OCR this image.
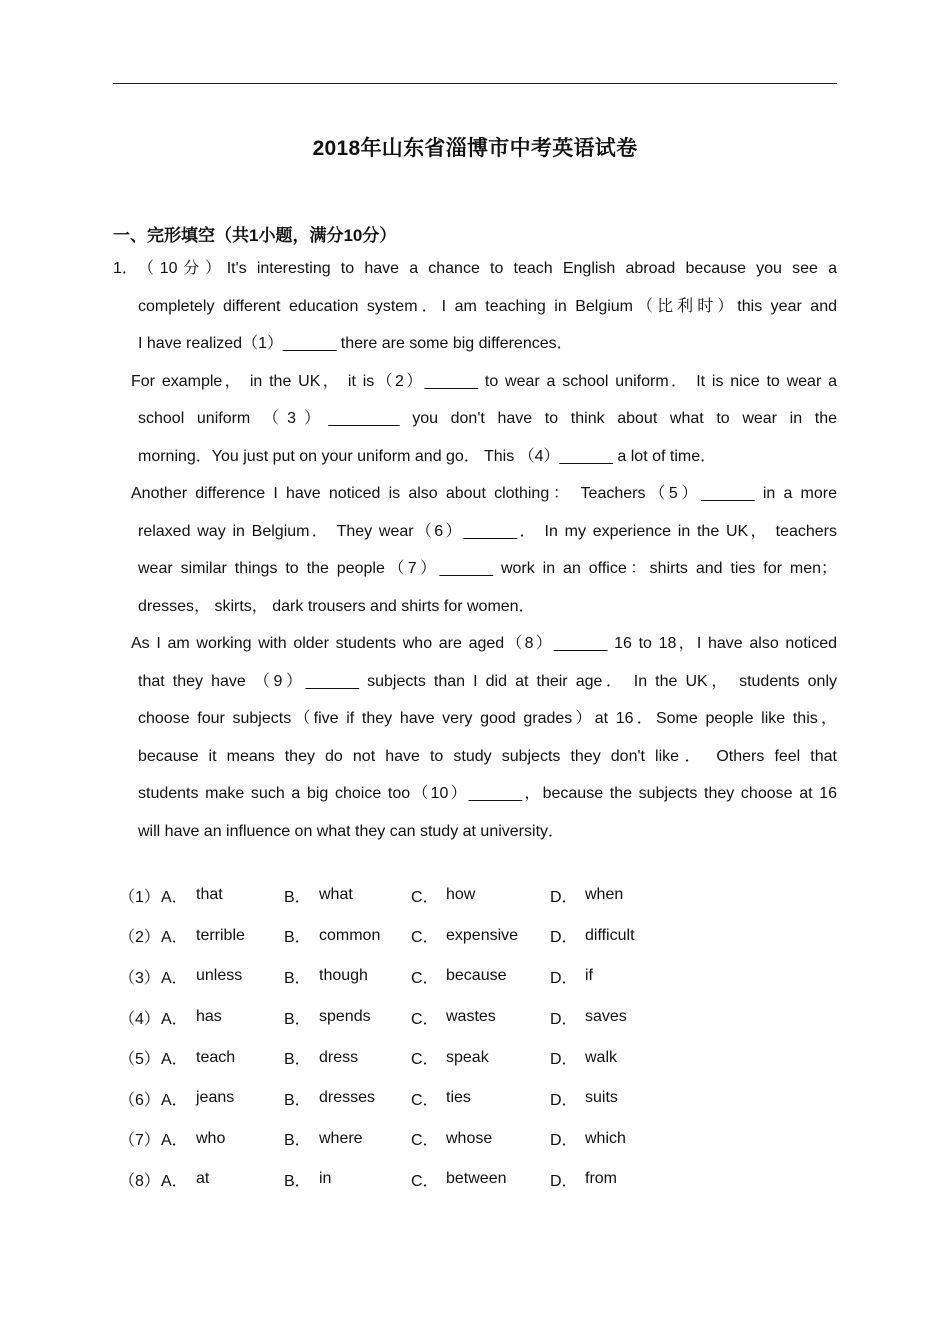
2018年山东省淄博市中考英语试卷
一、完形填空（共1小题，满分10分）
1． （10分）It's interesting to have a chance to teach English abroad because you see a

completely different education system．I am teaching in Belgium（比利时）this year and

I have realized（1）______ there are some big differences．

For example， in the UK， it is（2）______ to wear a school uniform． It is nice to wear a

school uniform （3）________ you don't have to think about what to wear in the

morning．You just put on your uniform and go． This （4）______ a lot of time．

Another difference I have noticed is also about clothing： Teachers（5）______ in a more

relaxed way in Belgium． They wear（6）______． In my experience in the UK， teachers

wear similar things to the people（7）______ work in an office：shirts and ties for men；

dresses， skirts， dark trousers and shirts for women．

As I am working with older students who are aged（8）______ 16 to 18，I have also noticed

that they have （9）______ subjects than I did at their age． In the UK， students only

choose four subjects（five if they have very good grades）at 16．Some people like this，

because it means they do not have to study subjects they don't like． Others feel that

students make such a big choice too（10）______，because the subjects they choose at 16

will have an influence on what they can study at university．

（1） A． that	B． what	C． how	D． when
（2） A． terrible	B． common	C． expensive	D． difficult
（3） A． unless	B． though	C． because	D． if
（4） A． has	B． spends	C． wastes	D． saves
（5） A． teach	B． dress	C． speak	D． walk
（6） A． jeans	B． dresses	C． ties	D． suits
（7） A． who	B． where	C． whose	D． which
（8） A． at	B． in	C． between	D． from
